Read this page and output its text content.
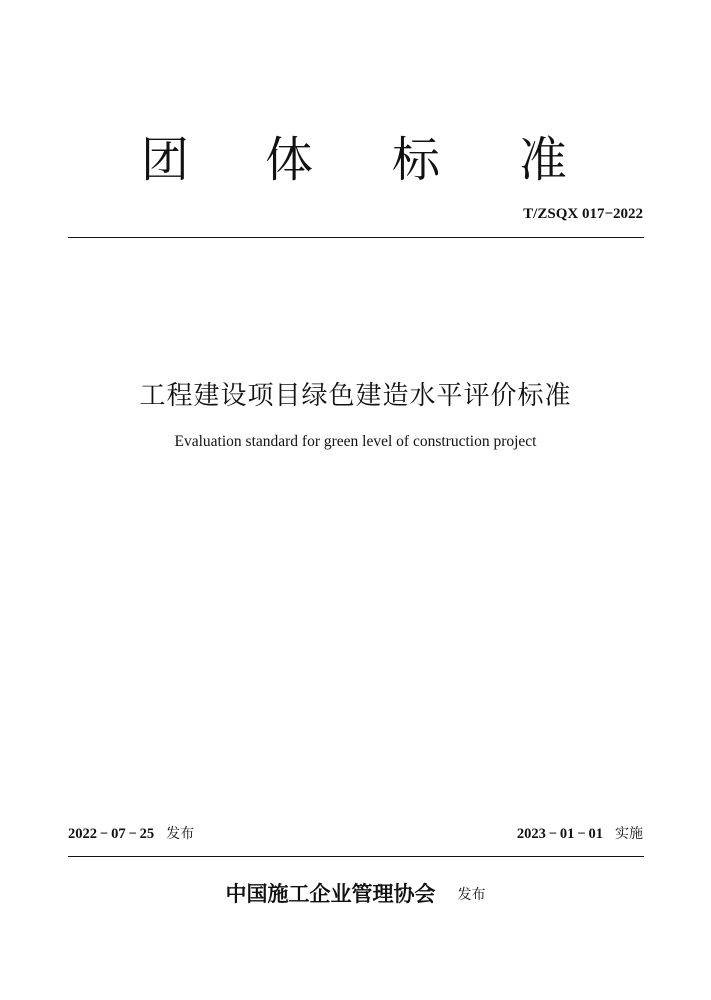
团 体 标 准
T/ZSQX 017−2022
工程建设项目绿色建造水平评价标准
Evaluation standard for green level of construction project
2022 − 07 − 25 发布	2023 − 01 − 01 实施
中国施工企业管理协会 发布
